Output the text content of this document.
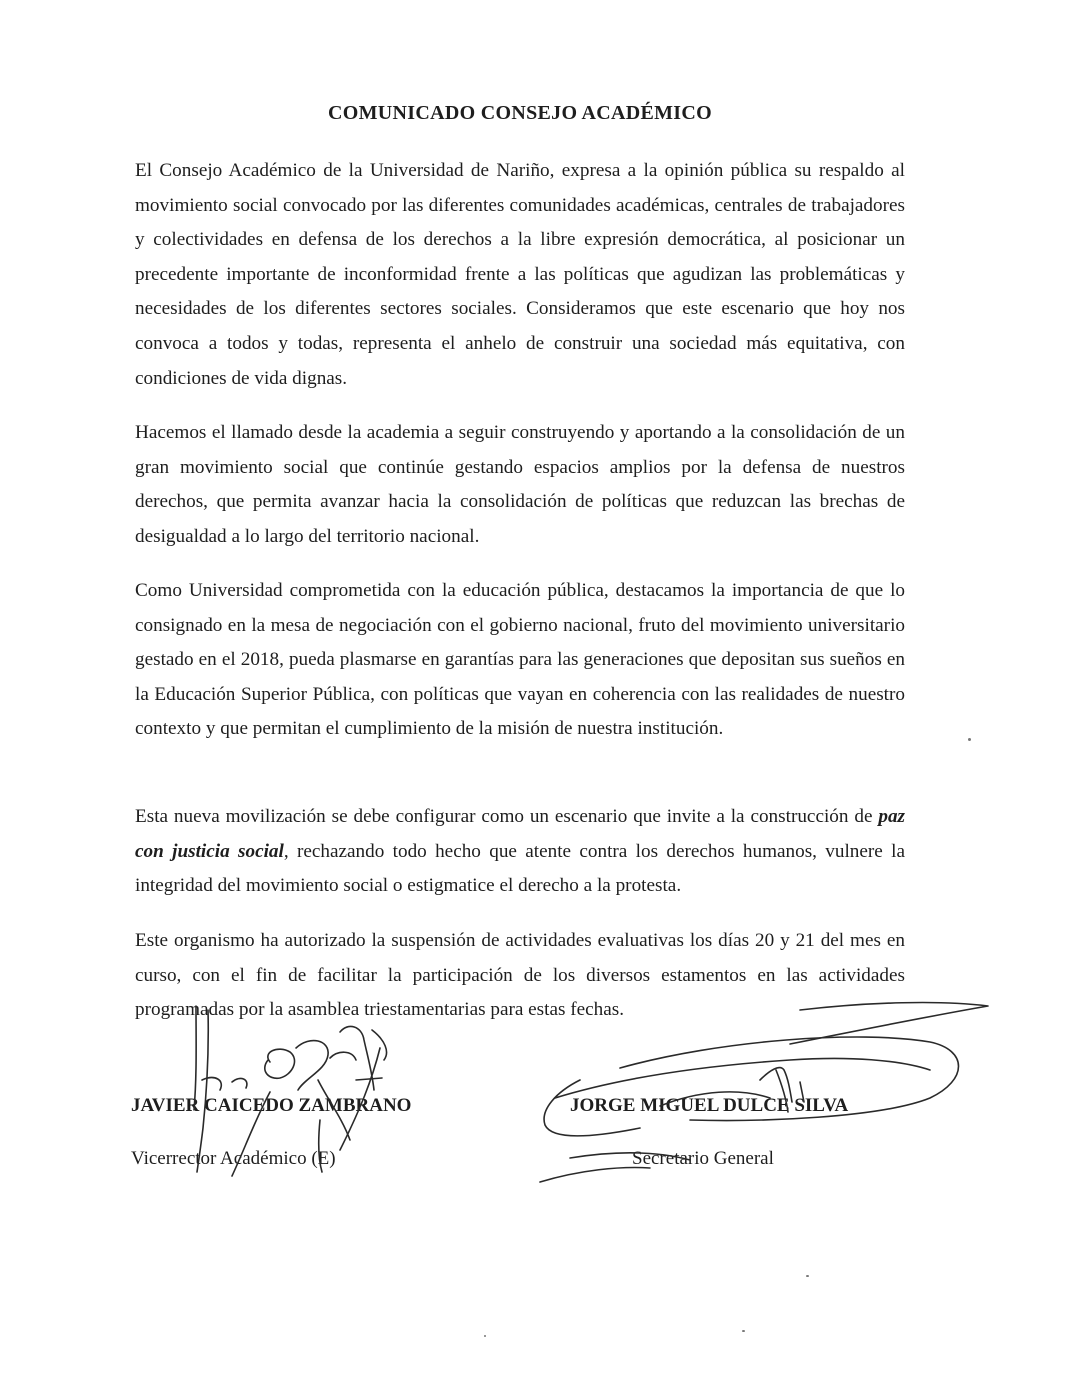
COMUNICADO CONSEJO ACADÉMICO

El Consejo Académico de la Universidad de Nariño, expresa a la opinión pública su respaldo al movimiento social convocado por las diferentes comunidades académicas, centrales de trabajadores y colectividades en defensa de los derechos a la libre expresión democrática, al posicionar un precedente importante de inconformidad frente a las políticas que agudizan las problemáticas y necesidades de los diferentes sectores sociales. Consideramos que este escenario que hoy nos convoca a todos y todas, representa el anhelo de construir una sociedad más equitativa, con condiciones de vida dignas.

Hacemos el llamado desde la academia a seguir construyendo y aportando a la consolidación de un gran movimiento social que continúe gestando espacios amplios por la defensa de nuestros derechos, que permita avanzar hacia la consolidación de políticas que reduzcan las brechas de desigualdad a lo largo del territorio nacional.

Como Universidad comprometida con la educación pública, destacamos la importancia de que lo consignado en la mesa de negociación con el gobierno nacional, fruto del movimiento universitario gestado en el 2018, pueda plasmarse en garantías para las generaciones que depositan sus sueños en la Educación Superior Pública, con políticas que vayan en coherencia con las realidades de nuestro contexto y que permitan el cumplimiento de la misión de nuestra institución.

Esta nueva movilización se debe configurar como un escenario que invite a la construcción de paz con justicia social, rechazando todo hecho que atente contra los derechos humanos, vulnere la integridad del movimiento social o estigmatice el derecho a la protesta.

Este organismo ha autorizado la suspensión de actividades evaluativas los días 20 y 21 del mes en curso, con el fin de facilitar la participación de los diversos estamentos en las actividades programadas por la asamblea triestamentarias para estas fechas.

JAVIER CAICEDO ZAMBRANO
Vicerrector Académico (E)
JORGE MIGUEL DULCE SILVA
Secretario General
